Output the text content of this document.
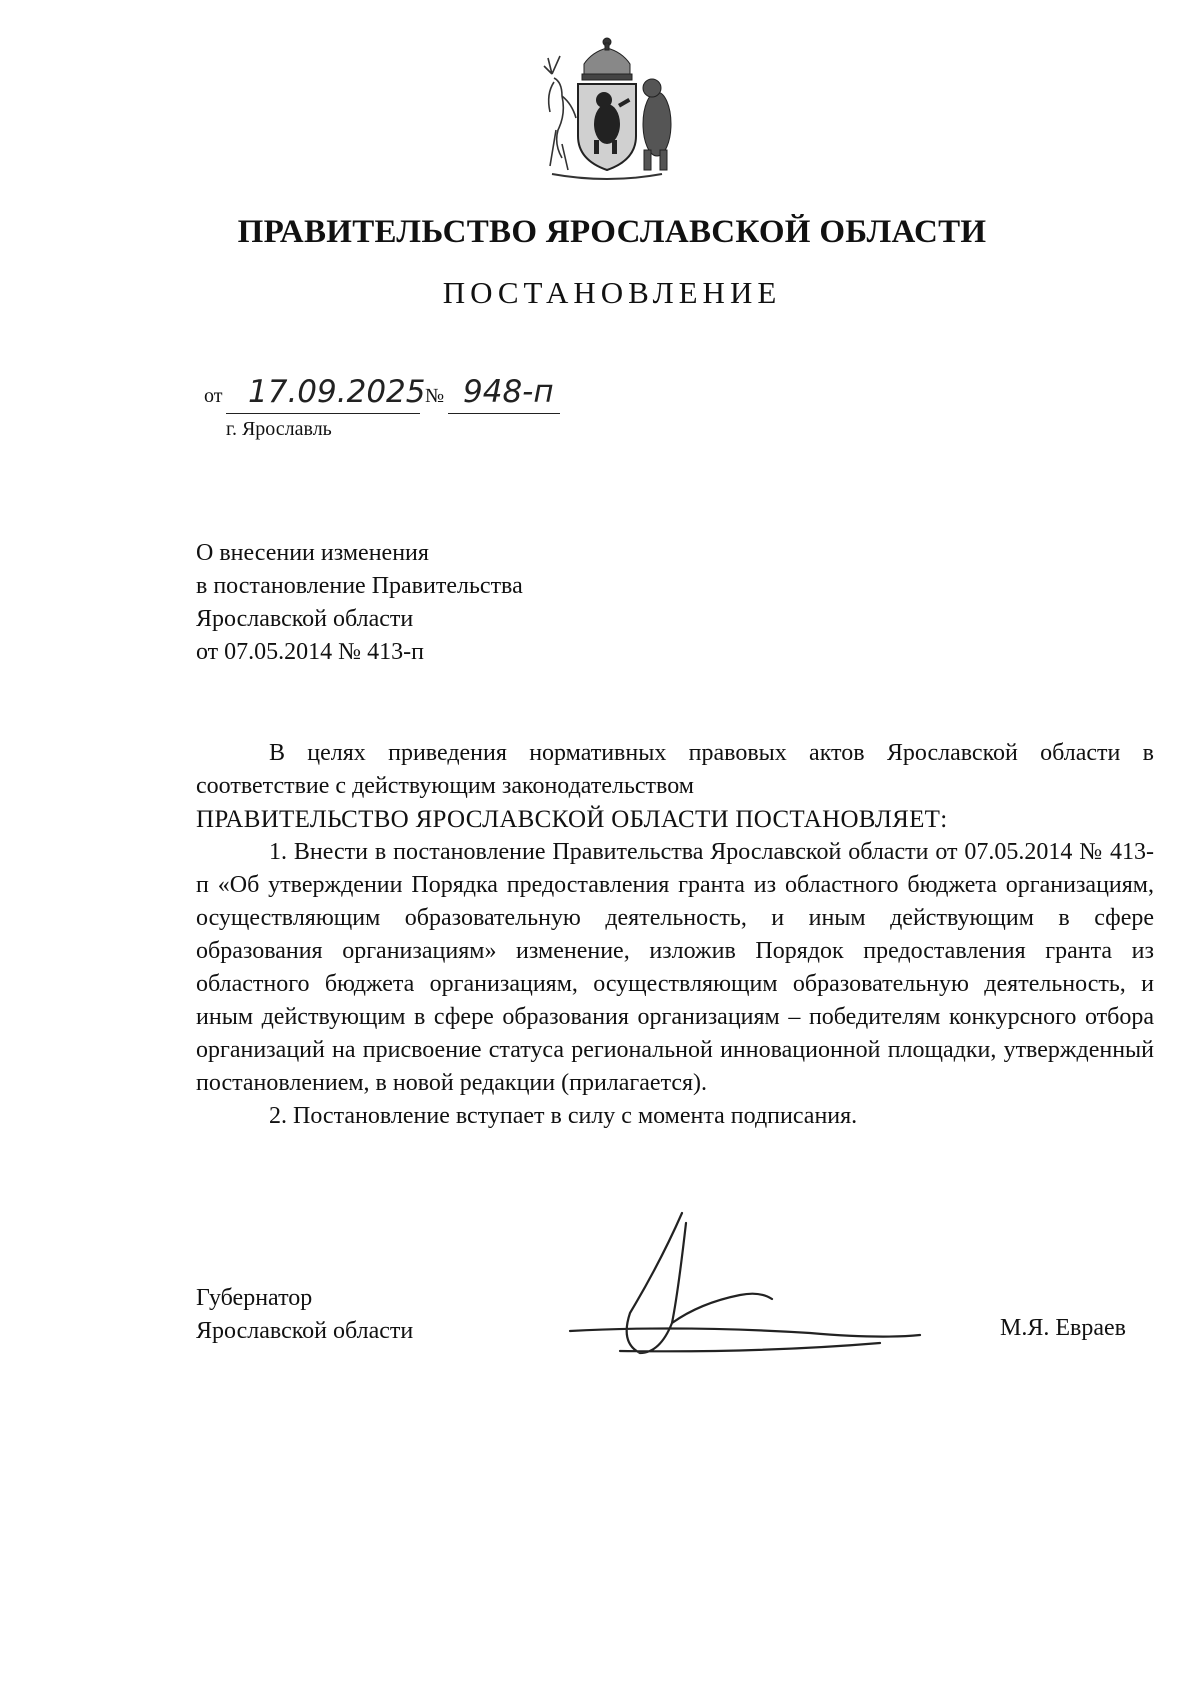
ПРАВИТЕЛЬСТВО ЯРОСЛАВСКОЙ ОБЛАСТИ
ПОСТАНОВЛЕНИЕ
от 17.09.2025 № 948-п
г. Ярославль
О внесении изменения
в постановление Правительства
Ярославской области
от 07.05.2014 № 413-п

В целях приведения нормативных правовых актов Ярославской области в соответствие с действующим законодательством

ПРАВИТЕЛЬСТВО ЯРОСЛАВСКОЙ ОБЛАСТИ ПОСТАНОВЛЯЕТ:

1. Внести в постановление Правительства Ярославской области от 07.05.2014 № 413-п «Об утверждении Порядка предоставления гранта из областного бюджета организациям, осуществляющим образовательную деятельность, и иным действующим в сфере образования организациям» изменение, изложив Порядок предоставления гранта из областного бюджета организациям, осуществляющим образовательную деятельность, и иным действующим в сфере образования организациям – победителям конкурсного отбора организаций на присвоение статуса региональной инновационной площадки, утвержденный постановлением, в новой редакции (прилагается).

2. Постановление вступает в силу с момента подписания.

Губернатор
Ярославской области	М.Я. Евраев
